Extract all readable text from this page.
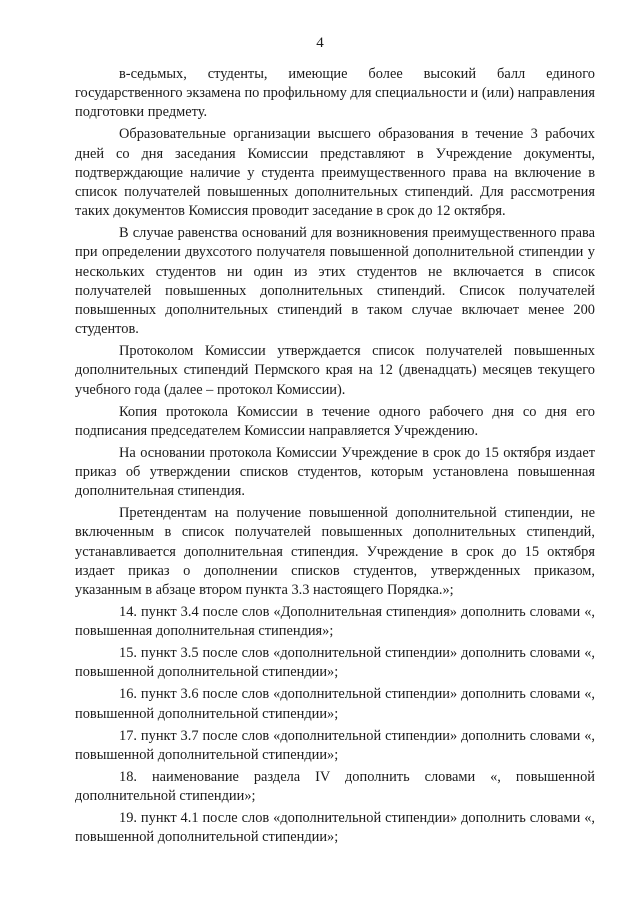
4

в-седьмых, студенты, имеющие более высокий балл единого государственного экзамена по профильному для специальности и (или) направления подготовки предмету.

Образовательные организации высшего образования в течение 3 рабочих дней со дня заседания Комиссии представляют в Учреждение документы, подтверждающие наличие у студента преимущественного права на включение в список получателей повышенных дополнительных стипендий. Для рассмотрения таких документов Комиссия проводит заседание в срок до 12 октября.

В случае равенства оснований для возникновения преимущественного права при определении двухсотого получателя повышенной дополнительной стипендии у нескольких студентов ни один из этих студентов не включается в список получателей повышенных дополнительных стипендий. Список получателей повышенных дополнительных стипендий в таком случае включает менее 200 студентов.

Протоколом Комиссии утверждается список получателей повышенных дополнительных стипендий Пермского края на 12 (двенадцать) месяцев текущего учебного года (далее – протокол Комиссии).

Копия протокола Комиссии в течение одного рабочего дня со дня его подписания председателем Комиссии направляется Учреждению.

На основании протокола Комиссии Учреждение в срок до 15 октября издает приказ об утверждении списков студентов, которым установлена повышенная дополнительная стипендия.

Претендентам на получение повышенной дополнительной стипендии, не включенным в список получателей повышенных дополнительных стипендий, устанавливается дополнительная стипендия. Учреждение в срок до 15 октября издает приказ о дополнении списков студентов, утвержденных приказом, указанным в абзаце втором пункта 3.3 настоящего Порядка.»;

14. пункт 3.4 после слов «Дополнительная стипендия» дополнить словами «, повышенная дополнительная стипендия»;

15. пункт 3.5 после слов «дополнительной стипендии» дополнить словами «, повышенной дополнительной стипендии»;

16. пункт 3.6 после слов «дополнительной стипендии» дополнить словами «, повышенной дополнительной стипендии»;

17. пункт 3.7 после слов «дополнительной стипендии» дополнить словами «, повышенной дополнительной стипендии»;

18. наименование раздела IV дополнить словами «, повышенной дополнительной стипендии»;

19. пункт 4.1 после слов «дополнительной стипендии» дополнить словами «, повышенной дополнительной стипендии»;
